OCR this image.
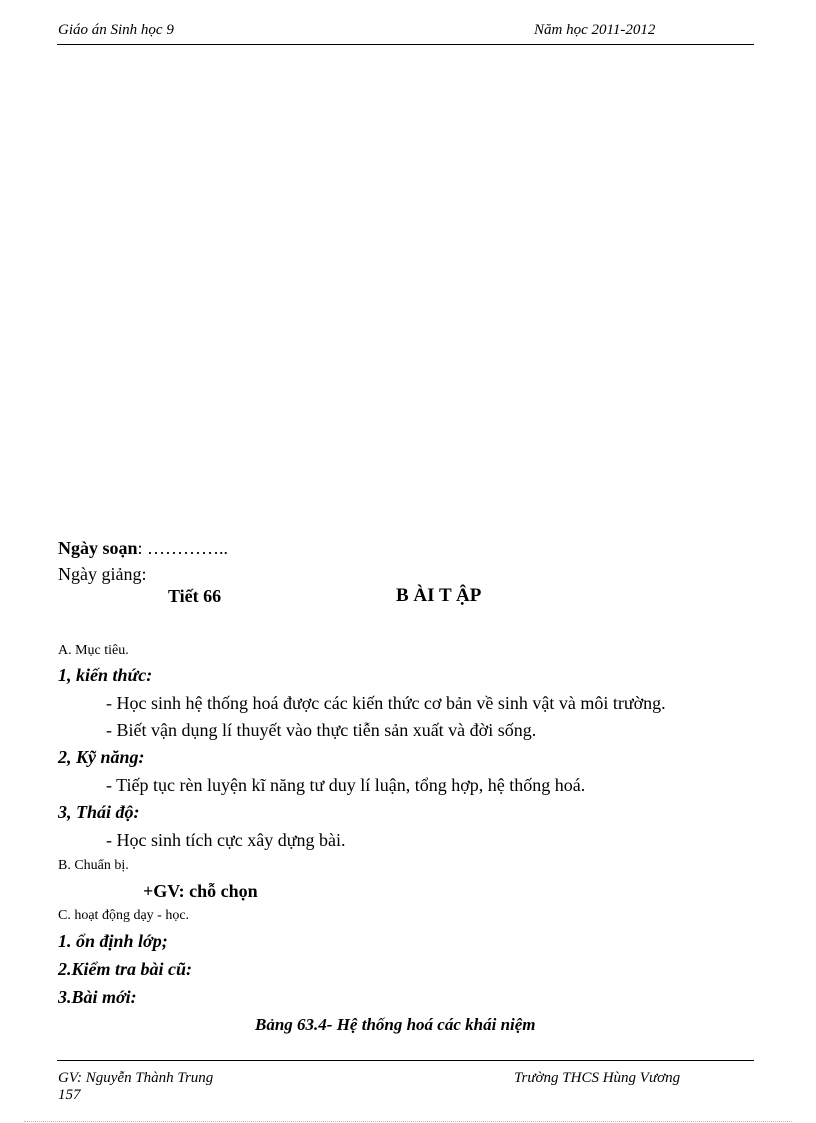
Giáo án Sinh học 9	Năm học 2011-2012
Ngày soạn: …………..
Ngày giảng:
Tiết 66	B ÀI T ẬP
A. Mục tiêu.
1, kiến thức:
- Học sinh hệ thống hoá được các kiến thức cơ bản về sinh vật và môi trường.
- Biết vận dụng lí thuyết vào thực tiễn sản xuất và đời sống.
2, Kỹ năng:
- Tiếp tục rèn luyện kĩ năng tư duy lí luận, tổng hợp, hệ thống hoá.
3, Thái độ:
- Học sinh tích cực xây dựng bài.
B. Chuẩn bị.
+GV: chỗ chọn
C. hoạt động dạy - học.
1. ổn định lớp;
2.Kiểm tra bài cũ:
3.Bài mới:
Bảng 63.4- Hệ thống hoá các khái niệm
GV: Nguyễn Thành Trung	Trường THCS Hùng Vương
157
